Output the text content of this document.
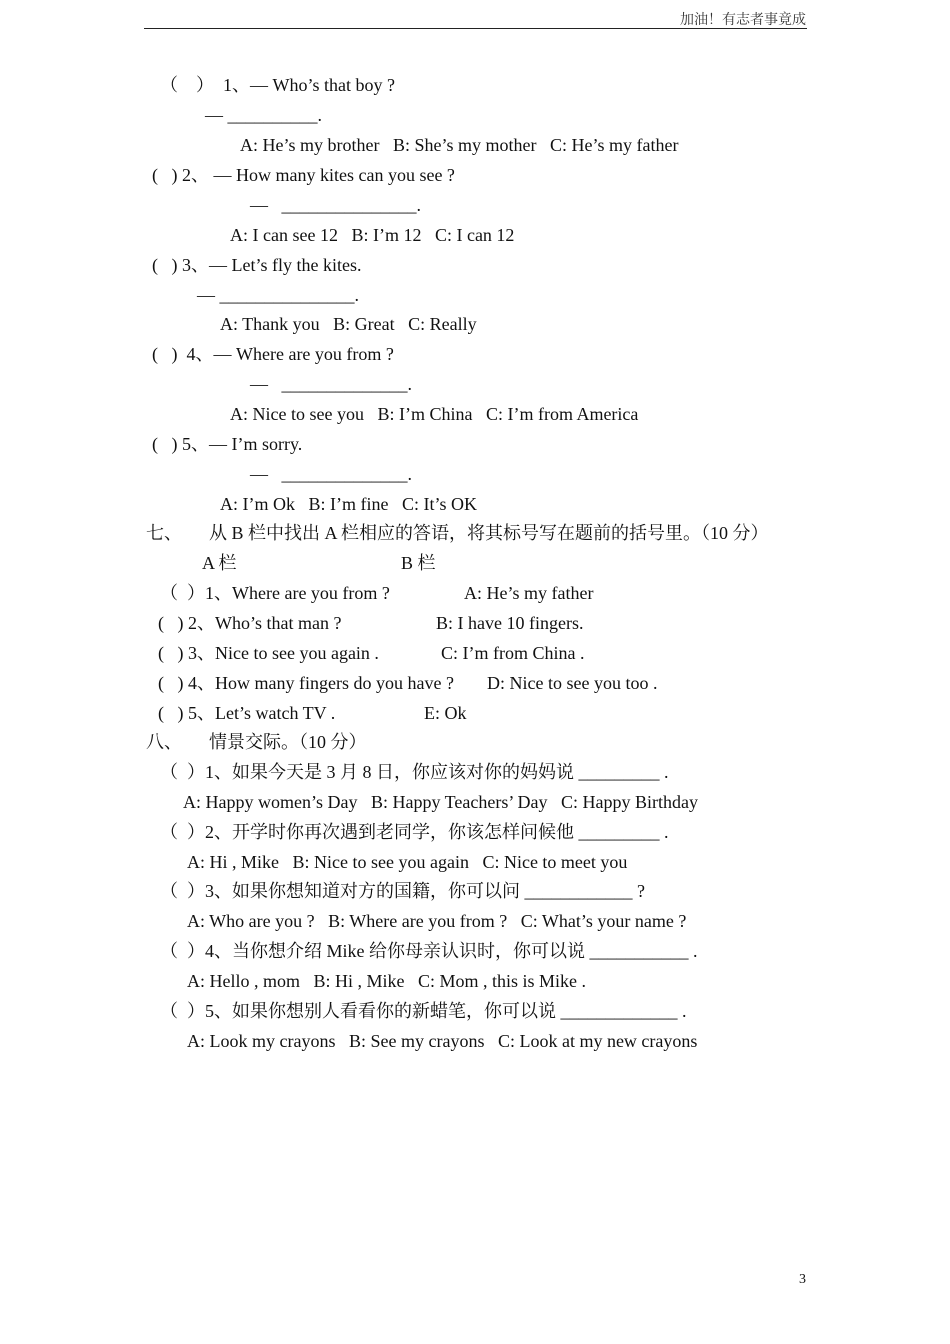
加油！有志者事竟成
（　）  1、— Who’s that boy ?
— __________.
A: He’s my brother   B: She’s my mother   C: He’s my father
(   ) 2、 — How many kites can you see ?
—   _______________.
A: I can see 12   B: I’m 12   C: I can 12
(   ) 3、— Let’s fly the kites.
— _______________.
A: Thank you   B: Great   C: Really
(   )  4、— Where are you from ?
—   ______________.
A: Nice to see you   B: I’m China   C: I’m from America
(   ) 5、— I’m sorry.
—   ______________.
A: I’m Ok   B: I’m fine   C: It’s OK
七、      从 B 栏中找出 A 栏相应的答语，将其标号写在题前的括号里。（10 分）
A 栏	B 栏
（  ）1、Where are you from ?	A: He’s my father
(   ) 2、Who’s that man ?	B: I have 10 fingers.
(   ) 3、Nice to see you again .	C: I’m from China .
(   ) 4、How many fingers do you have ? D: Nice to see you too .
(   ) 5、Let’s watch TV .	E: Ok
八、      情景交际。（10 分）
（  ）1、如果今天是 3 月 8 日，你应该对你的妈妈说 _________ .
A: Happy women’s Day   B: Happy Teachers’ Day   C: Happy Birthday
（  ）2、开学时你再次遇到老同学，你该怎样问候他 _________ .
A: Hi , Mike   B: Nice to see you again   C: Nice to meet you
（  ）3、如果你想知道对方的国籍，你可以问 ____________ ?
A: Who are you ?   B: Where are you from ?   C: What’s your name ?
（  ）4、当你想介绍 Mike 给你母亲认识时，你可以说 ___________ .
A: Hello , mom   B: Hi , Mike   C: Mom , this is Mike .
（  ）5、如果你想别人看看你的新蜡笔，你可以说 _____________ .
A: Look my crayons   B: See my crayons   C: Look at my new crayons
3
